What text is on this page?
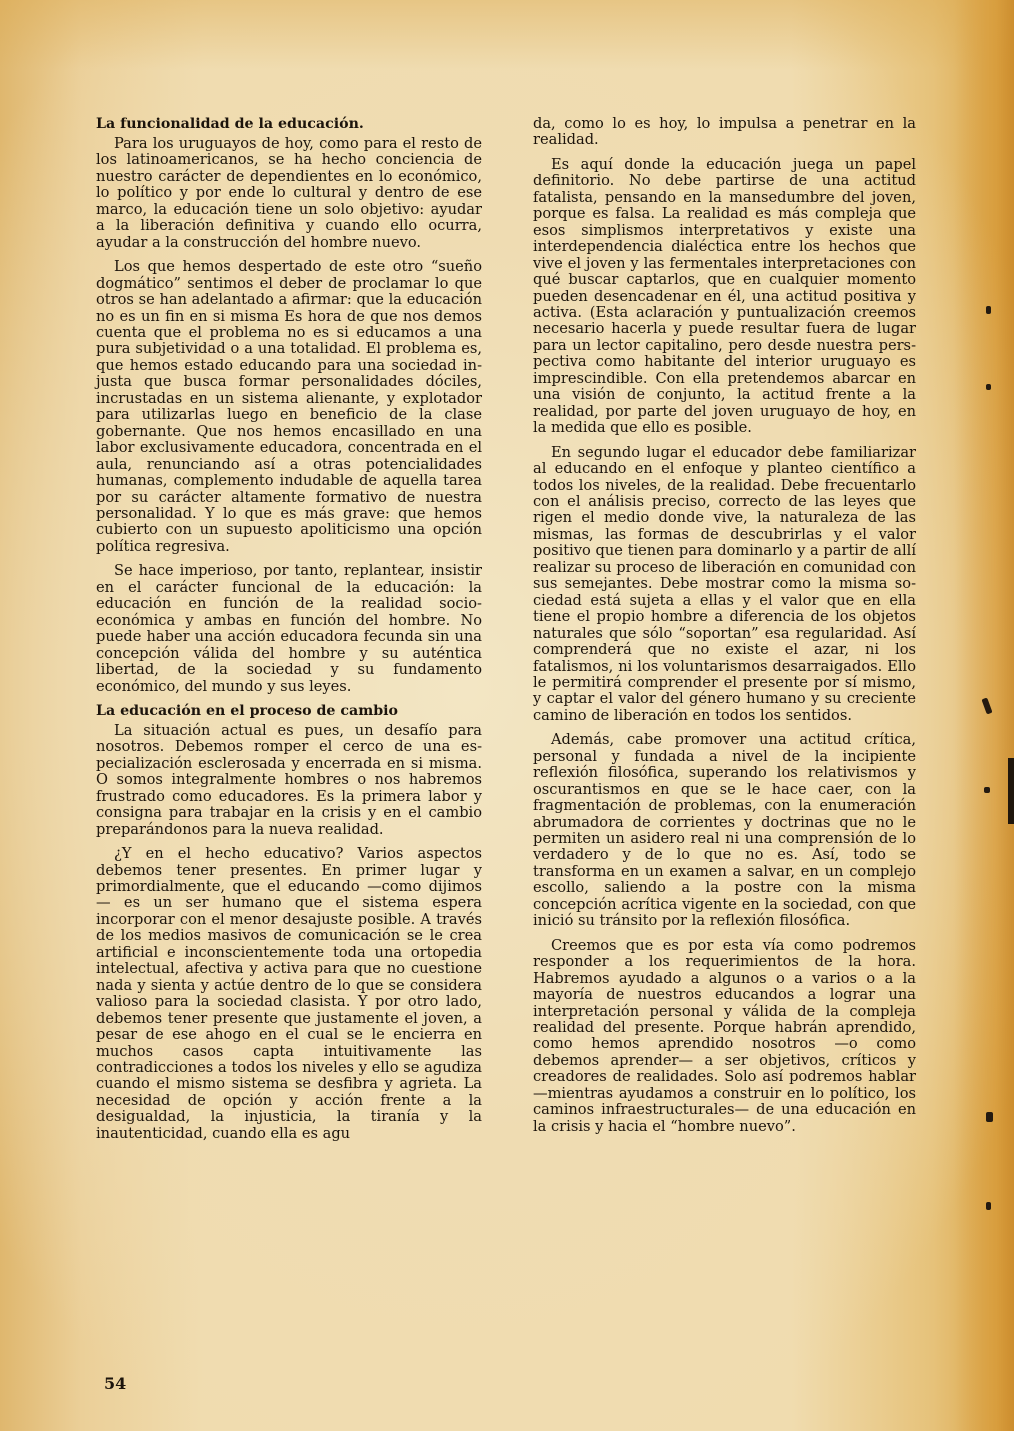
La funcionalidad de la educación.

Para los uruguayos de hoy, como para el resto de los latinoamericanos, se ha hecho conciencia de nuestro carácter de dependientes en lo económico, lo político y por ende lo cultural y dentro de ese marco, la educación tiene un solo objetivo: ayudar a la liberación definitiva y cuando ello ocurra, ayudar a la construcción del hombre nuevo.

Los que hemos despertado de este otro “sueño dogmático” sentimos el deber de proclamar lo que otros se han adelantado a afirmar: que la educación no es un fin en si misma Es hora de que nos demos cuenta que el problema no es si educamos a una pura subjetividad o a una totalidad. El problema es, que hemos estado educando para una sociedad injusta que busca formar personalidades dóciles, incrustadas en un sistema alienante, y explotador para utilizarlas luego en beneficio de la clase gobernante. Que nos hemos encasillado en una labor exclusivamente educadora, concentrada en el aula, renunciando así a otras potencialidades humanas, complemento indudable de aquella tarea por su carácter altamente formativo de nuestra personalidad. Y lo que es más grave: que hemos cubierto con un supuesto apoliticismo una opción política regresiva.

Se hace imperioso, por tanto, replantear, insistir en el carácter funcional de la educación: la educación en función de la realidad socio-económica y ambas en función del hombre. No puede haber una acción educadora fecunda sin una concepción válida del hombre y su auténtica libertad, de la sociedad y su fundamento económico, del mundo y sus leyes.

La educación en el proceso de cambio

La situación actual es pues, un desafío para nosotros. Debemos romper el cerco de una especialización esclerosada y encerrada en si misma. O somos integralmente hombres o nos habremos frustrado como educadores. Es la primera labor y consigna para trabajar en la crisis y en el cambio preparándonos para la nueva realidad.

¿Y en el hecho educativo? Varios aspectos debemos tener presentes. En primer lugar y primordialmente, que el educando —como dijimos— es un ser humano que el sistema espera incorporar con el menor desajuste posible. A través de los medios masivos de comunicación se le crea artificial e inconscientemente toda una ortopedia intelectual, afectiva y activa para que no cuestione nada y sienta y actúe dentro de lo que se considera valioso para la sociedad clasista. Y por otro lado, debemos tener presente que justamente el joven, a pesar de ese ahogo en el cual se le encierra en muchos casos capta intuitivamente las contradicciones a todos los niveles y ello se agudiza cuando el mismo sistema se desfibra y agrieta. La necesidad de opción y acción frente a la desigualdad, la injusticia, la tiranía y la inautenticidad, cuando ella es agu

da, como lo es hoy, lo impulsa a penetrar en la realidad.

Es aquí donde la educación juega un papel definitorio. No debe partirse de una actitud fatalista, pensando en la mansedumbre del joven, porque es falsa. La realidad es más compleja que esos simplismos interpretativos y existe una interdependencia dialéctica entre los hechos que vive el joven y las fermentales interpretaciones con qué buscar captarlos, que en cualquier momento pueden desencadenar en él, una actitud positiva y activa. (Esta aclaración y puntualización creemos necesario hacerla y puede resultar fuera de lugar para un lector capitalino, pero desde nuestra perspectiva como habitante del interior uruguayo es imprescindible. Con ella pretendemos abarcar en una visión de conjunto, la actitud frente a la realidad, por parte del joven uruguayo de hoy, en la medida que ello es posible.

En segundo lugar el educador debe familiarizar al educando en el enfoque y planteo científico a todos los niveles, de la realidad. Debe frecuentarlo con el análisis preciso, correcto de las leyes que rigen el medio donde vive, la naturaleza de las mismas, las formas de descubrirlas y el valor positivo que tienen para dominarlo y a partir de allí realizar su proceso de liberación en comunidad con sus semejantes. Debe mostrar como la misma sociedad está sujeta a ellas y el valor que en ella tiene el propio hombre a diferencia de los objetos naturales que sólo “soportan” esa regularidad. Así comprenderá que no existe el azar, ni los fatalismos, ni los voluntarismos desarraigados. Ello le permitirá comprender el presente por sí mismo, y captar el valor del género humano y su creciente camino de liberación en todos los sentidos.

Además, cabe promover una actitud crítica, personal y fundada a nivel de la incipiente reflexión filosófica, superando los relativismos y oscurantismos en que se le hace caer, con la fragmentación de problemas, con la enumeración abrumadora de corrientes y doctrinas que no le permiten un asidero real ni una comprensión de lo verdadero y de lo que no es. Así, todo se transforma en un examen a salvar, en un complejo escollo, saliendo a la postre con la misma concepción acrítica vigente en la sociedad, con que inició su tránsito por la reflexión filosófica.

Creemos que es por esta vía como podremos responder a los requerimientos de la hora. Habremos ayudado a algunos o a varios o a la mayoría de nuestros educandos a lograr una interpretación personal y válida de la compleja realidad del presente. Porque habrán aprendido, como hemos aprendido nosotros —o como debemos aprender— a ser objetivos, críticos y creadores de realidades. Solo así podremos hablar —mientras ayudamos a construir en lo político, los caminos infraestructurales— de una educación en la crisis y hacia el “hombre nuevo”.

54
